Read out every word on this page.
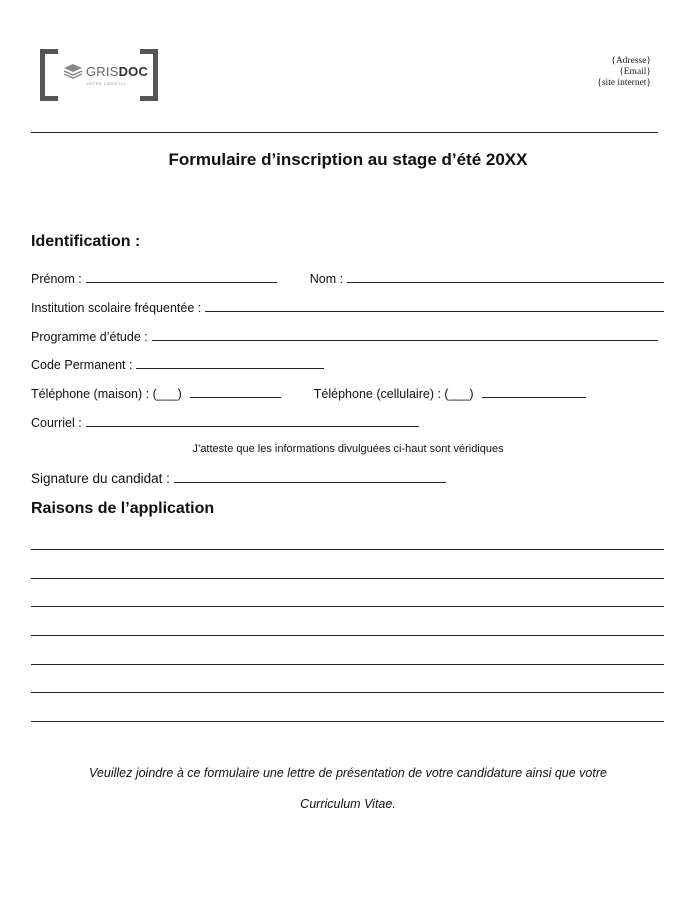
GRISDOC
VOTRE LOGO ICI
{Adresse}
{Email}
{site internet}
Formulaire d’inscription au stage d’été 20XX
Identification :
Prénom :	Nom :
Institution scolaire fréquentée :
Programme d’étude :
Code Permanent :
Téléphone (maison) : (___)	Téléphone (cellulaire) : (___)
Courriel :
J’atteste que les informations divulguées ci-haut sont véridiques
Signature du candidat :
Raisons de l’application
Veuillez joindre à ce formulaire une lettre de présentation de votre candidature ainsi que votre
Curriculum Vitae.
